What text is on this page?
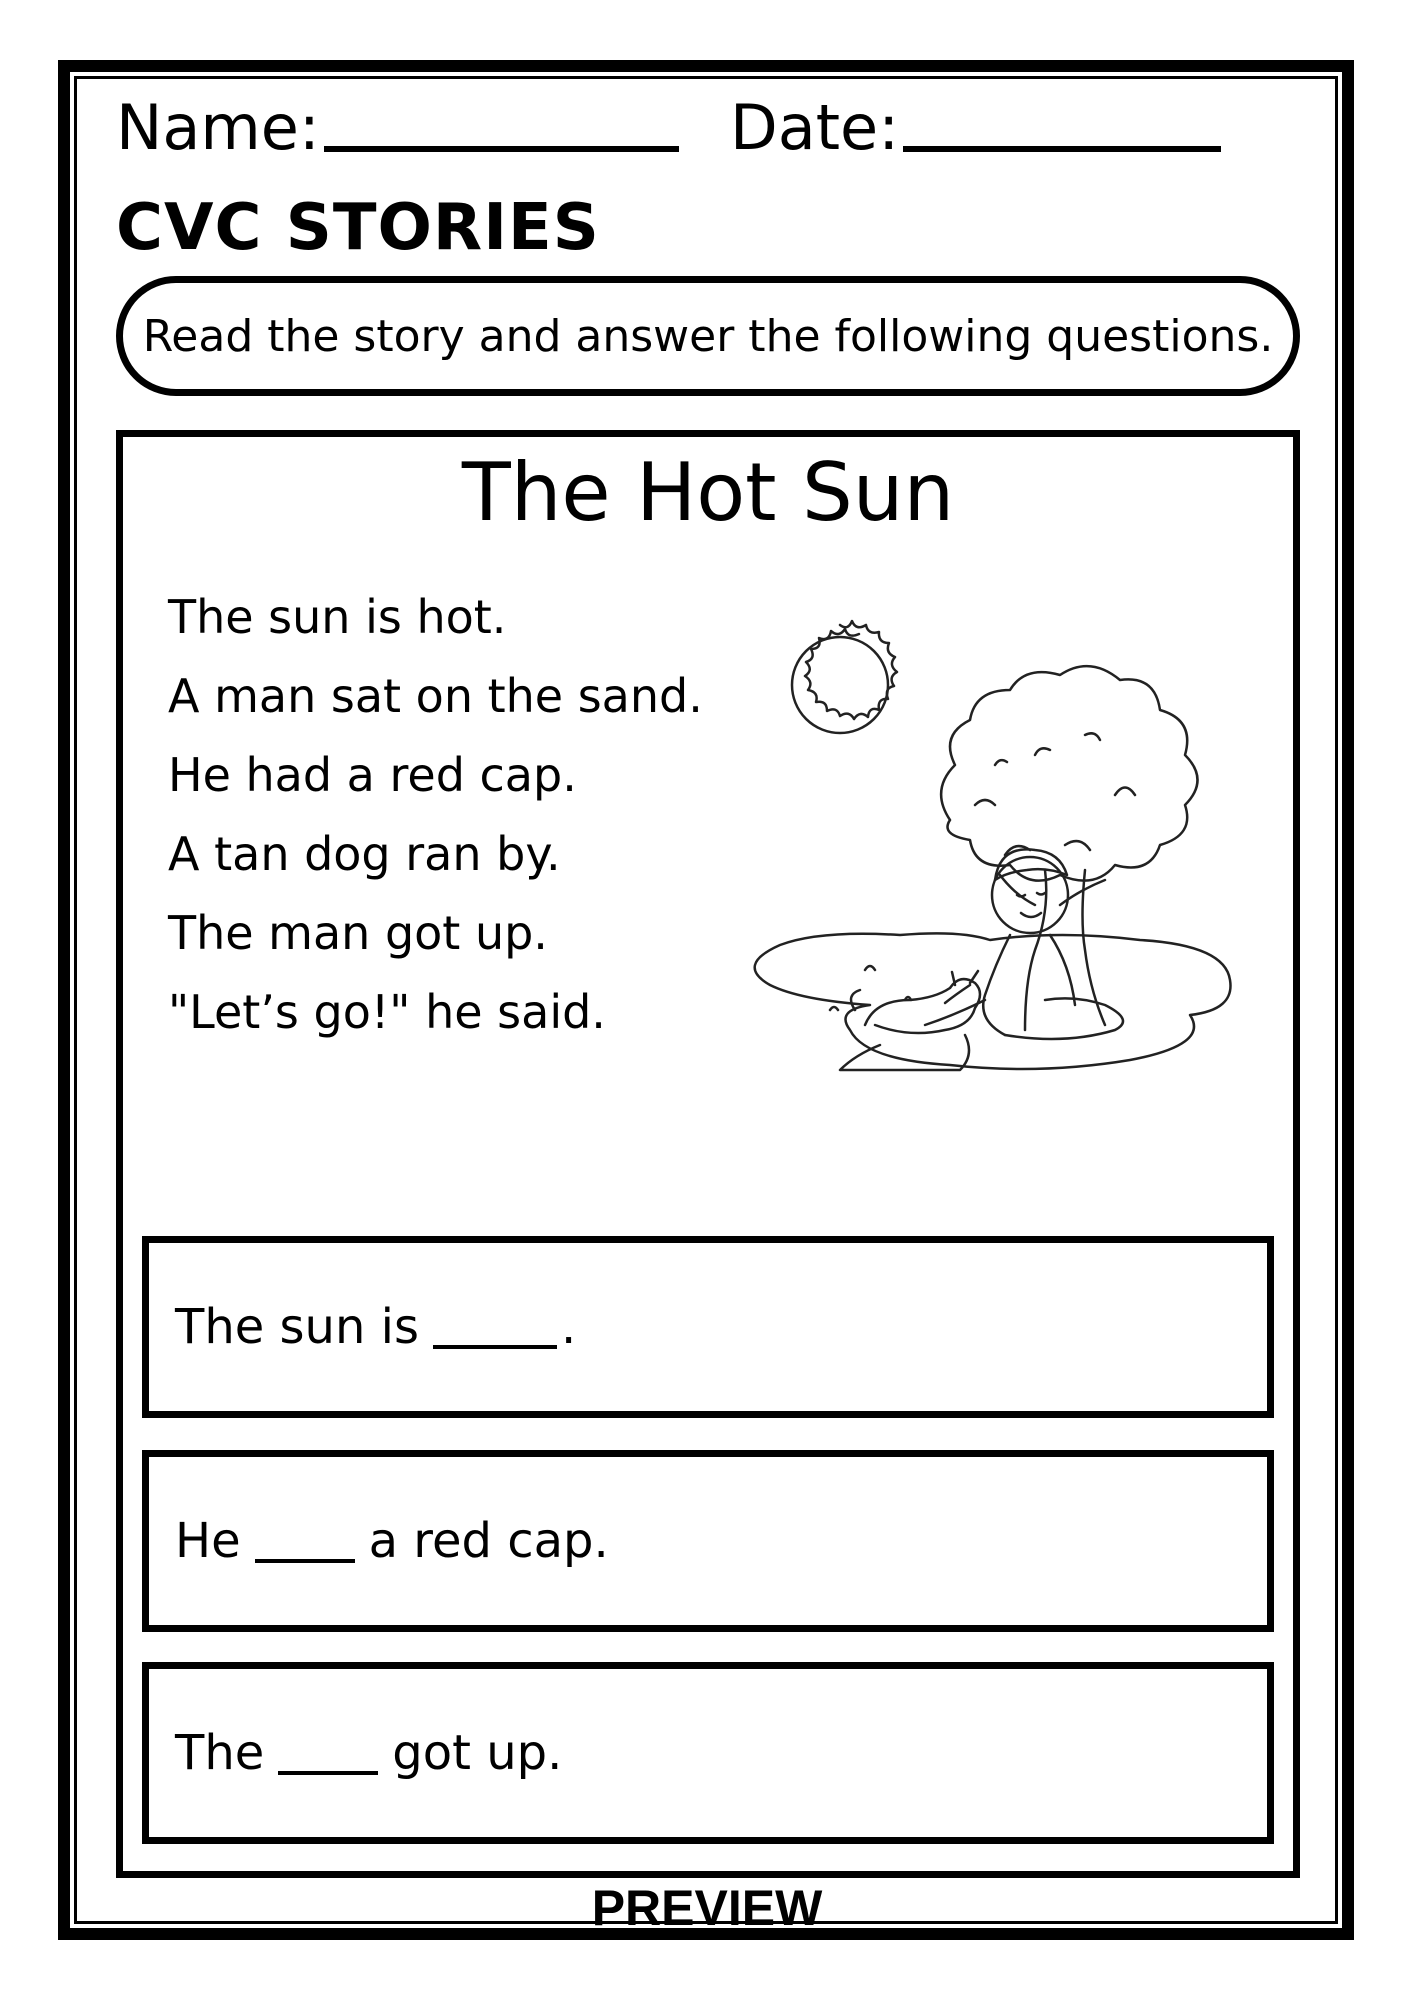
Name:	Date:
CVC STORIES
Read the story and answer the following questions.
The Hot Sun
The sun is hot.
A man sat on the sand.
He had a red cap.
A tan dog ran by.
The man got up.
"Let’s go!" he said.
The sun is	.
He	a red cap.
The	got up.
PREVIEW
